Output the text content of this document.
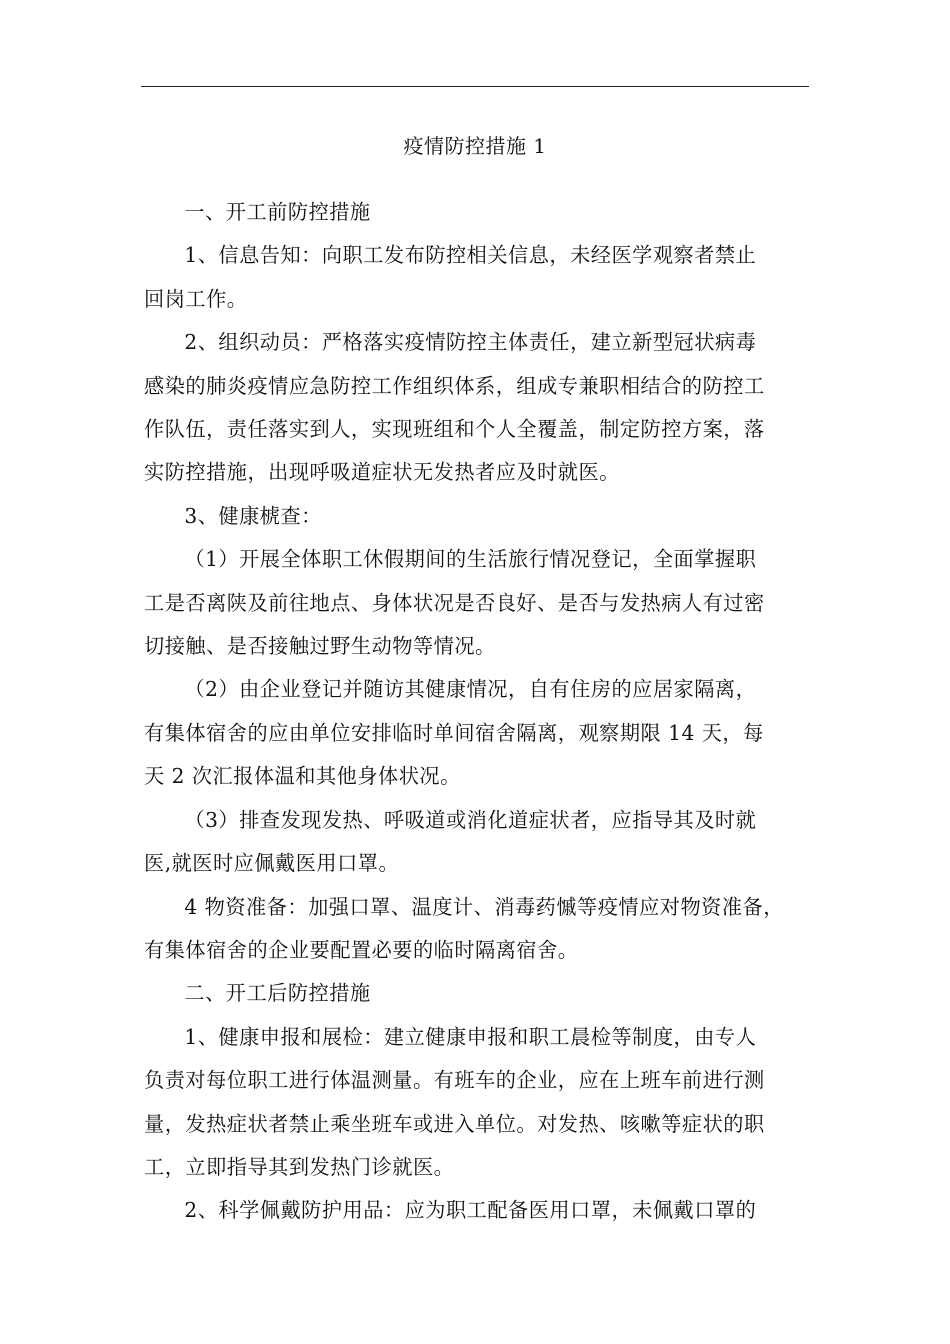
疫情防控措施 1

一、开工前防控措施

1、信息告知：向职工发布防控相关信息，未经医学观察者禁止
回岗工作。

2、组织动员：严格落实疫情防控主体责任，建立新型冠状病毒
感染的肺炎疫情应急防控工作组织体系，组成专兼职相结合的防控工
作队伍，责任落实到人，实现班组和个人全覆盖，制定防控方案，落
实防控措施，出现呼吸道症状无发热者应及时就医。

3、健康椃查：

（1）开展全体职工休假期间的生活旅行情况登记，全面掌握职
工是否离陕及前往地点、身体状况是否良好、是否与发热病人有过密
切接触、是否接触过野生动物等情况。

（2）由企业登记并随访其健康情况，自有住房的应居家隔离，
有集体宿舍的应由单位安排临时单间宿舍隔离，观察期限 14 天，每
天 2 次汇报体温和其他身体状况。

（3）排查发现发热、呼吸道或消化道症状者，应指导其及时就
医,就医时应佩戴医用口罩。

4 物资准备：加强口罩、温度计、消毒药慽等疫情应对物资准备，
有集体宿舍的企业要配置必要的临时隔离宿舍。

二、开工后防控措施

1、健康申报和展检：建立健康申报和职工晨检等制度，由专人
负责对每位职工进行体温测量。有班车的企业，应在上班车前进行测
量，发热症状者禁止乘坐班车或进入单位。对发热、咳嗽等症状的职
工，立即指导其到发热门诊就医。

2、科学佩戴防护用品：应为职工配备医用口罩，未佩戴口罩的
